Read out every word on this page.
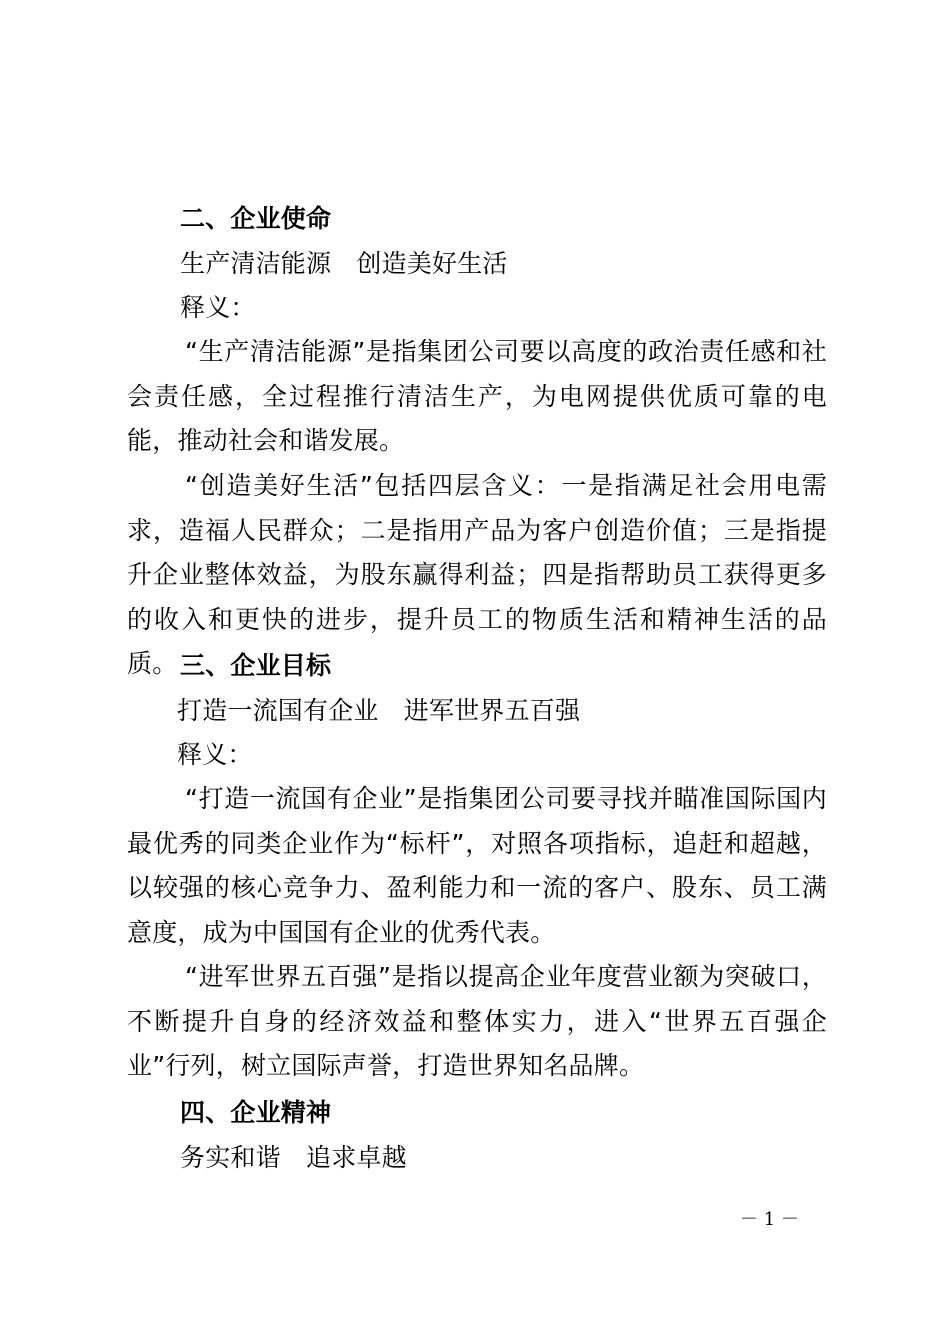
二、企业使命
生产清洁能源　创造美好生活
释义：
“生产清洁能源”是指集团公司要以高度的政治责任感和社会责任感，全过程推行清洁生产，为电网提供优质可靠的电能，推动社会和谐发展。
“创造美好生活”包括四层含义：一是指满足社会用电需求，造福人民群众；二是指用产品为客户创造价值；三是指提升企业整体效益，为股东赢得利益；四是指帮助员工获得更多的收入和更快的进步，提升员工的物质生活和精神生活的品质。 三、企业目标
打造一流国有企业　进军世界五百强
释义：
“打造一流国有企业”是指集团公司要寻找并瞄准国际国内最优秀的同类企业作为“标杆”，对照各项指标，追赶和超越，以较强的核心竞争力、盈利能力和一流的客户、股东、员工满意度，成为中国国有企业的优秀代表。
“进军世界五百强”是指以提高企业年度营业额为突破口，不断提升自身的经济效益和整体实力，进入“世界五百强企业”行列，树立国际声誉，打造世界知名品牌。
四、企业精神
务实和谐　追求卓越
－ 1 －
